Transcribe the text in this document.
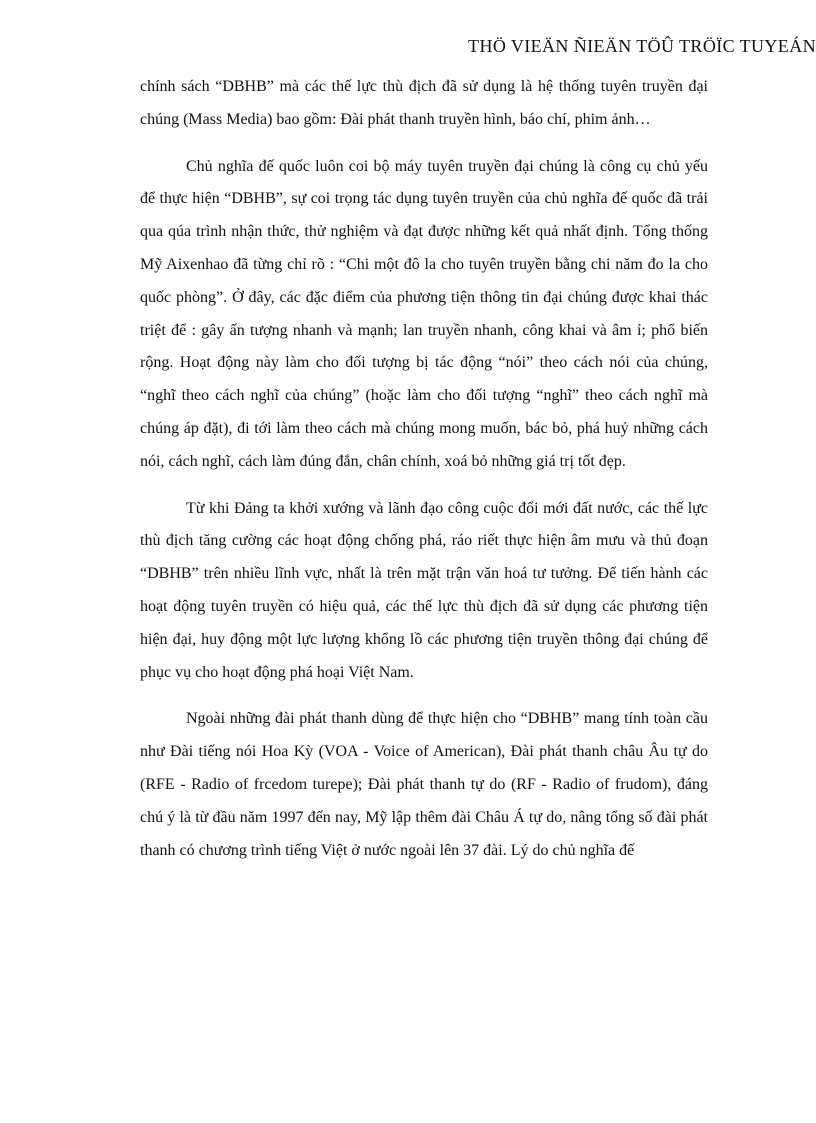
THÖ VIEÄN ÑIEÄN TÖÛ TRÖÏC TUYEÁN

chính sách “DBHB” mà các thế lực thù địch đã sử dụng là hệ thống tuyên truyền đại chúng (Mass Media) bao gồm: Đài phát thanh truyền hình, báo chí, phim ảnh…

Chủ nghĩa đế quốc luôn coi bộ máy tuyên truyền đại chúng là công cụ chủ yếu để thực hiện “DBHB”, sự coi trọng tác dụng tuyên truyền của chủ nghĩa đế quốc đã trải qua qúa trình nhận thức, thử nghiệm và đạt được những kết quả nhất định. Tổng thống Mỹ Aixenhao đã từng chỉ rõ : “Chi một đô la cho tuyên truyền bằng chi năm đo la cho quốc phòng”. Ở đây, các đặc điểm của phương tiện thông tin đại chúng được khai thác triệt để : gây ấn tượng nhanh và mạnh; lan truyền nhanh, công khai và âm ỉ; phổ biến rộng. Hoạt động này làm cho đối tượng bị tác động “nói” theo cách nói của chúng, “nghĩ theo cách nghĩ của chúng” (hoặc làm cho đối tượng “nghĩ” theo cách nghĩ mà chúng áp đặt), đi tới làm theo cách mà chúng mong muốn, bác bỏ, phá huỷ những cách nói, cách nghĩ, cách làm đúng đắn, chân chính, xoá bỏ những giá trị tốt đẹp.

Từ khi Đảng ta khởi xướng và lãnh đạo công cuộc đổi mới đất nước, các thế lực thù địch tăng cường các hoạt động chống phá, ráo riết thực hiện âm mưu và thủ đoạn “DBHB” trên nhiều lĩnh vực, nhất là trên mặt trận văn hoá tư tưởng. Để tiến hành các hoạt động tuyên truyền có hiệu quả, các thế lực thù địch đã sử dụng các phương tiện hiện đại, huy động một lực lượng khổng lồ các phương tiện truyền thông đại chúng để phục vụ cho hoạt động phá hoại Việt Nam.

Ngoài những đài phát thanh dùng để thực hiện cho “DBHB” mang tính toàn cầu như Đài tiếng nói Hoa Kỳ (VOA - Voice of American), Đài phát thanh châu Âu tự do (RFE - Radio of frcedom turepe); Đài phát thanh tự do (RF - Radio of frudom), đáng chú ý là từ đầu năm 1997 đến nay, Mỹ lập thêm đài Châu Á tự do, nâng tổng số đài phát thanh có chương trình tiếng Việt ở nước ngoài lên 37 đài. Lý do chủ nghĩa đế
